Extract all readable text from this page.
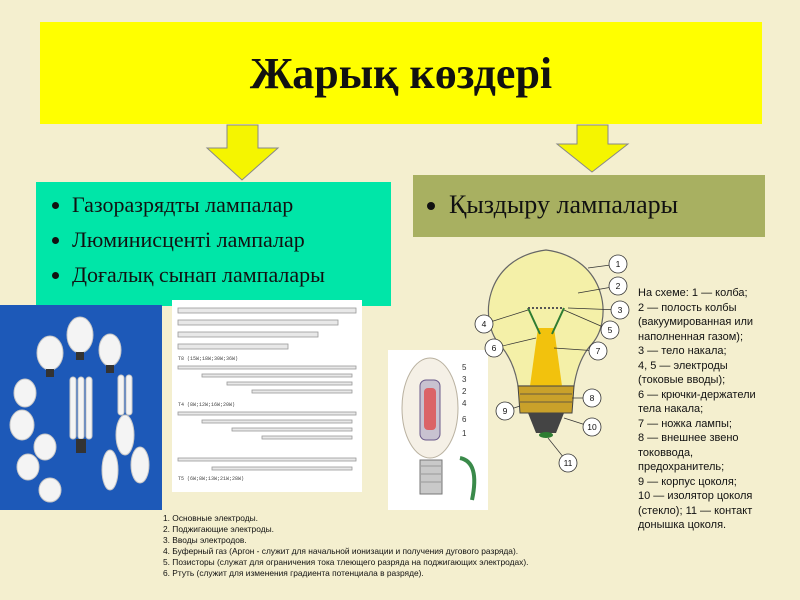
Жарық көздері
• Газоразрядты лампалар
• Люминисценті лампалар
• Доғалық сынап лампалары
• Қыздыру лампалары
T8 (15W;18W;30W;36W)
T4 (8W;12W;16W;20W)
T5 (6W;8W;13W;21W;28W)
5
3
2
4
6
1
1
2
3
4
5
6	7
8
9
10
11
На схеме: 1 — колба;
2 — полость колбы
(вакуумированная или
наполненная газом);
3 — тело накала;
4, 5 — электроды
(токовые вводы);
6 — крючки-держатели
тела накала;
7 — ножка лампы;
8 — внешнее звено
токоввода,
предохранитель;
9 — корпус цоколя;
10 — изолятор цоколя
(стекло); 11 — контакт
донышка цоколя.
1. Основные электроды.
2. Поджигающие электроды.
3. Вводы электродов.
4. Буферный газ (Аргон - служит для начальной ионизации и получения дугового разряда).
5. Позисторы (служат для ограничения тока тлеющего разряда на поджигающих электродах).
6. Ртуть (служит для изменения градиента потенциала в разряде).
